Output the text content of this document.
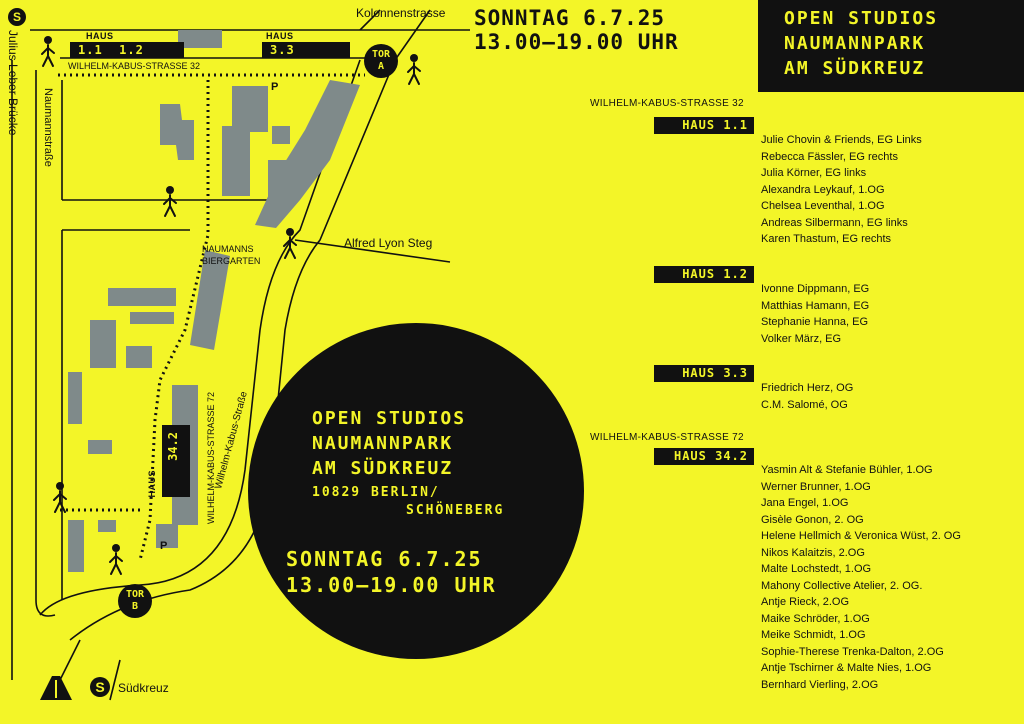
Kolonnenstrasse
S
Julius Leber Brücke Naumannstraße
WILHELM-KABUS-STRASSE 32
Alfred Lyon Steg
NAUMANNS BIERGARTEN
WILHELM-KABUS-STRASSE 72
Wilhelm-Kabus-Straße
HAUS
1.1 1.2
HAUS
3.3
34.2
HAUS
TOR
A
TOR
B
P
P
S	Südkreuz
SONNTAG 6.7.25
13.00–19.00 UHR
OPEN STUDIOS
NAUMANNPARK
AM SÜDKREUZ
WILHELM-KABUS-STRASSE 32
HAUS 1.1
Julie Chovin & Friends, EG Links
Rebecca Fässler, EG rechts
Julia Körner, EG links
Alexandra Leykauf, 1.OG
Chelsea Leventhal, 1.OG
Andreas Silbermann, EG links
Karen Thastum, EG rechts
HAUS 1.2
Ivonne Dippmann, EG
Matthias Hamann, EG
Stephanie Hanna, EG
Volker März, EG
HAUS 3.3
Friedrich Herz, OG
C.M. Salomé, OG
WILHELM-KABUS-STRASSE 72
HAUS 34.2
Yasmin Alt & Stefanie Bühler, 1.OG
Werner Brunner, 1.OG
Jana Engel, 1.OG
Gisèle Gonon, 2. OG
Helene Hellmich & Veronica Wüst, 2. OG
Nikos Kalaitzis, 2.OG
Malte Lochstedt, 1.OG
Mahony Collective Atelier, 2. OG.
Antje Rieck, 2.OG
Maike Schröder, 1.OG
Meike Schmidt, 1.OG
Sophie-Therese Trenka-Dalton, 2.OG
Antje Tschirner & Malte Nies, 1.OG
Bernhard Vierling, 2.OG
OPEN STUDIOS
NAUMANNPARK
AM SÜDKREUZ
10829 BERLIN/
SCHÖNEBERG
SONNTAG 6.7.25
13.00–19.00 UHR
